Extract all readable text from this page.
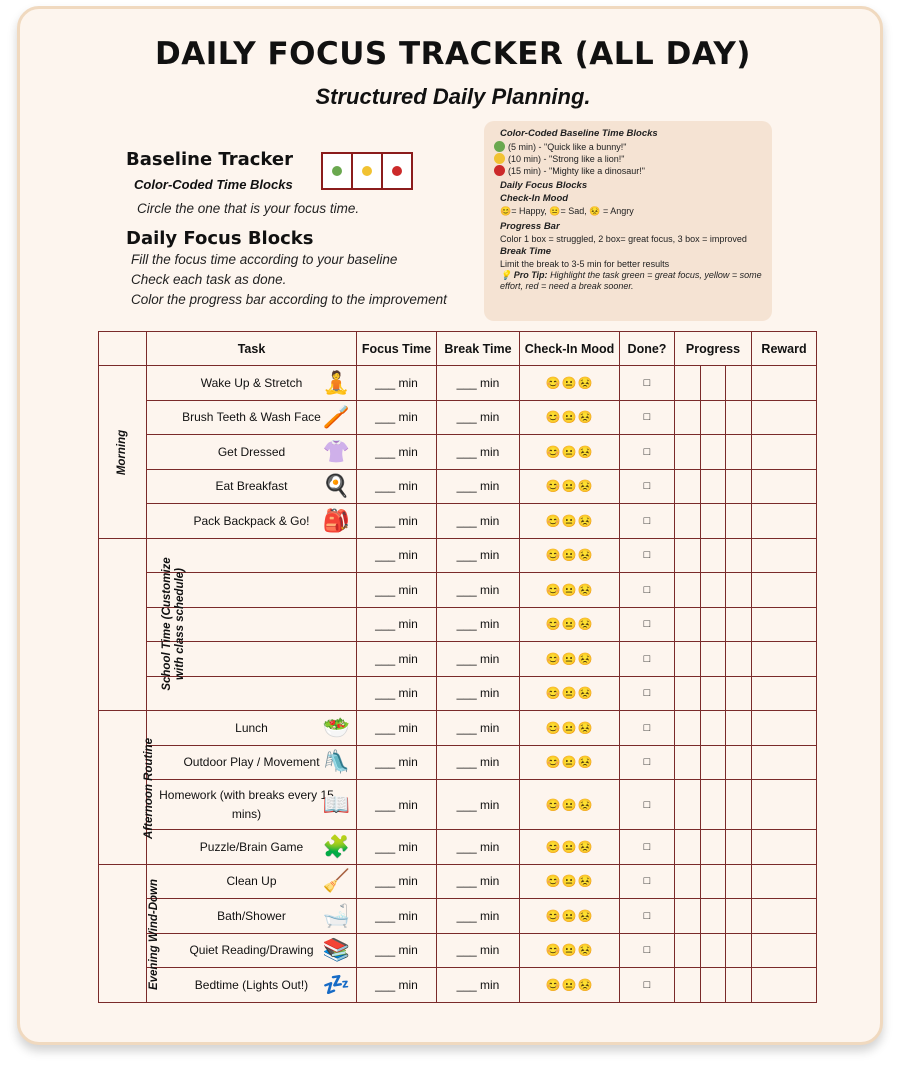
DAILY FOCUS TRACKER (ALL DAY)

Structured Daily Planning.

Baseline Tracker

Color-Coded Time Blocks

Circle the one that is your focus time.

Daily Focus Blocks

Fill the focus time according to your baseline

Check each task as done.

Color the progress bar according to the improvement

Color-Coded Baseline Time Blocks

(5 min) - "Quick like a bunny!"

(10 min) - "Strong like a lion!"

(15 min) - "Mighty like a dinosaur!"

Daily Focus Blocks

Check-In Mood

😊= Happy, 😐= Sad, 😣 = Angry

Progress Bar

Color 1 box = struggled, 2 box= great focus, 3 box = improved

Break Time

Limit the break to 3-5 min for better results

💡 Pro Tip: Highlight the task green = great focus, yellow = some effort, red = need a break sooner.

	Task	Focus Time	Break Time	Check-In Mood	Done?	Progress	Reward
Morning	Wake Up & Stretch 🧘	___ min	___ min	😊😐😣	□	

	Brush Teeth & Wash Face 🪥	___ min	___ min	😊😐😣	□	

	Get Dressed 👚	___ min	___ min	😊😐😣	□	

	Eat Breakfast 🍳	___ min	___ min	😊😐😣	□	

	Pack Backpack & Go! 🎒	___ min	___ min	😊😐😣	□	

School Time (Customize with class schedule)		___ min	___ min	😊😐😣	□	

		___ min	___ min	😊😐😣	□	

		___ min	___ min	😊😐😣	□	

		___ min	___ min	😊😐😣	□	

		___ min	___ min	😊😐😣	□	

Afternoon Routine	Lunch 🥗	___ min	___ min	😊😐😣	□	

	Outdoor Play / Movement 🛝	___ min	___ min	😊😐😣	□	

	Homework (with breaks every 15 mins) 📖	___ min	___ min	😊😐😣	□	

	Puzzle/Brain Game 🧩	___ min	___ min	😊😐😣	□	

Evening Wind-Down	Clean Up 🧹	___ min	___ min	😊😐😣	□	

	Bath/Shower 🛁	___ min	___ min	😊😐😣	□	

	Quiet Reading/Drawing 📚	___ min	___ min	😊😐😣	□	

	Bedtime (Lights Out!) 💤	___ min	___ min	😊😐😣	□	
